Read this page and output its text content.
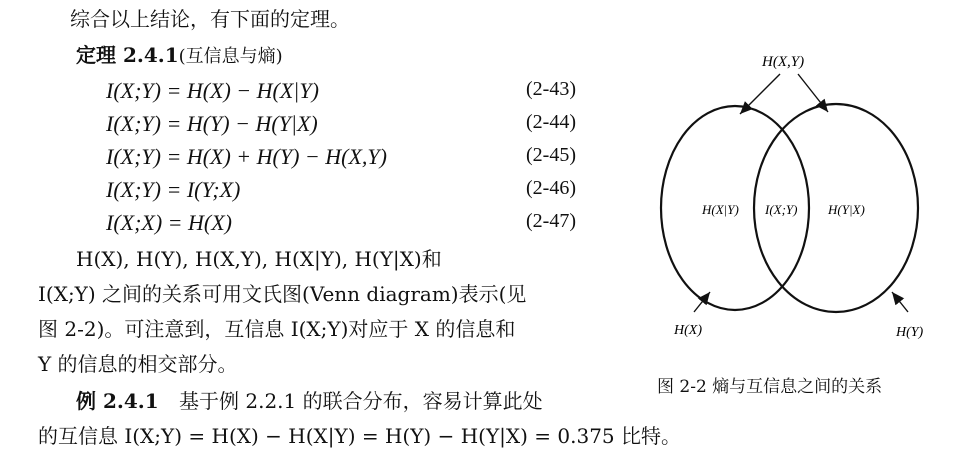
综合以上结论，有下面的定理。
定理 2.4.1(互信息与熵)
I(X;Y) = H(X) − H(X|Y)	(2-43)
I(X;Y) = H(Y) − H(Y|X)	(2-44)
I(X;Y) = H(X) + H(Y) − H(X,Y)	(2-45)
I(X;Y) = I(Y;X)	(2-46)
I(X;X) = H(X)	(2-47)
H(X), H(Y), H(X,Y), H(X|Y), H(Y|X)和
I(X;Y) 之间的关系可用文氏图(Venn diagram)表示(见
图 2-2)。可注意到，互信息 I(X;Y)对应于 X 的信息和
Y 的信息的相交部分。
例 2.4.1 基于例 2.2.1 的联合分布，容易计算此处
的互信息 I(X;Y) = H(X) − H(X|Y) = H(Y) − H(Y|X) = 0.375 比特。
H(X,Y)
H(X|Y) I(X;Y) H(Y|X)
H(X)	H(Y)
图 2-2 熵与互信息之间的关系
